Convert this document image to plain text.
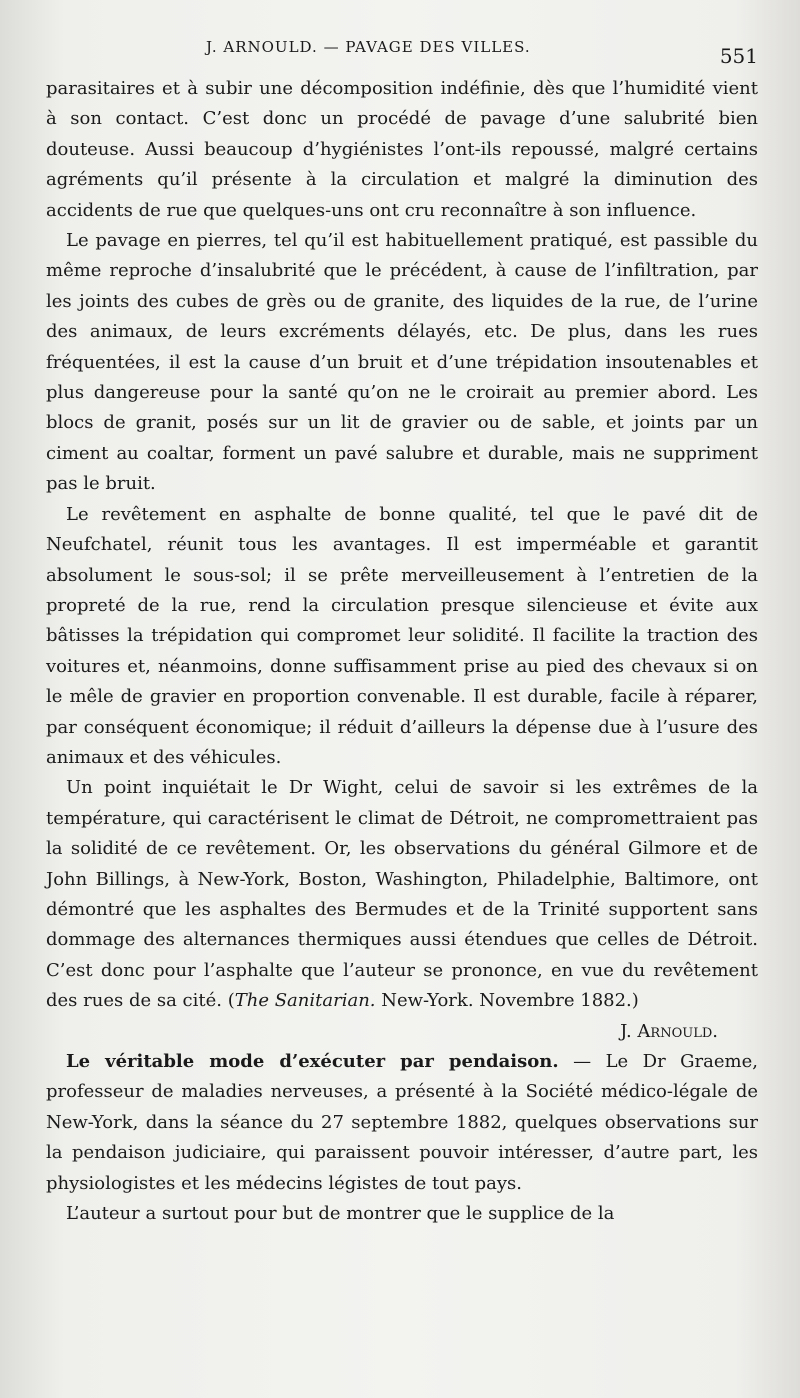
J. ARNOULD. — PAVAGE DES VILLES.	551

parasitaires et à subir une décomposition indéfinie, dès que l’humidité vient à son contact. C’est donc un procédé de pavage d’une salubrité bien douteuse. Aussi beaucoup d’hygiénistes l’ont-ils repoussé, malgré certains agréments qu’il présente à la circulation et malgré la diminution des accidents de rue que quelques-uns ont cru reconnaître à son influence.

Le pavage en pierres, tel qu’il est habituellement pratiqué, est passible du même reproche d’insalubrité que le précédent, à cause de l’infiltration, par les joints des cubes de grès ou de granite, des liquides de la rue, de l’urine des animaux, de leurs excréments délayés, etc. De plus, dans les rues fréquentées, il est la cause d’un bruit et d’une trépidation insoutenables et plus dangereuse pour la santé qu’on ne le croirait au premier abord. Les blocs de granit, posés sur un lit de gravier ou de sable, et joints par un ciment au coaltar, forment un pavé salubre et durable, mais ne suppriment pas le bruit.

Le revêtement en asphalte de bonne qualité, tel que le pavé dit de Neufchatel, réunit tous les avantages. Il est imperméable et garantit absolument le sous-sol; il se prête merveilleusement à l’entretien de la propreté de la rue, rend la circulation presque silencieuse et évite aux bâtisses la trépidation qui compromet leur solidité. Il facilite la traction des voitures et, néanmoins, donne suffisamment prise au pied des chevaux si on le mêle de gravier en proportion convenable. Il est durable, facile à réparer, par conséquent économique; il réduit d’ailleurs la dépense due à l’usure des animaux et des véhicules.

Un point inquiétait le Dr Wight, celui de savoir si les extrêmes de la température, qui caractérisent le climat de Détroit, ne compromettraient pas la solidité de ce revêtement. Or, les observations du général Gilmore et de John Billings, à New-York, Boston, Washington, Philadelphie, Baltimore, ont démontré que les asphaltes des Bermudes et de la Trinité supportent sans dommage des alternances thermiques aussi étendues que celles de Détroit. C’est donc pour l’asphalte que l’auteur se prononce, en vue du revêtement des rues de sa cité. (The Sanitarian. New-York. Novembre 1882.)
J. Arnould.

Le véritable mode d’exécuter par pendaison. — Le Dr Graeme, professeur de maladies nerveuses, a présenté à la Société médico-légale de New-York, dans la séance du 27 septembre 1882, quelques observations sur la pendaison judiciaire, qui paraissent pouvoir intéresser, d’autre part, les physiologistes et les médecins légistes de tout pays.

L’auteur a surtout pour but de montrer que le supplice de la
